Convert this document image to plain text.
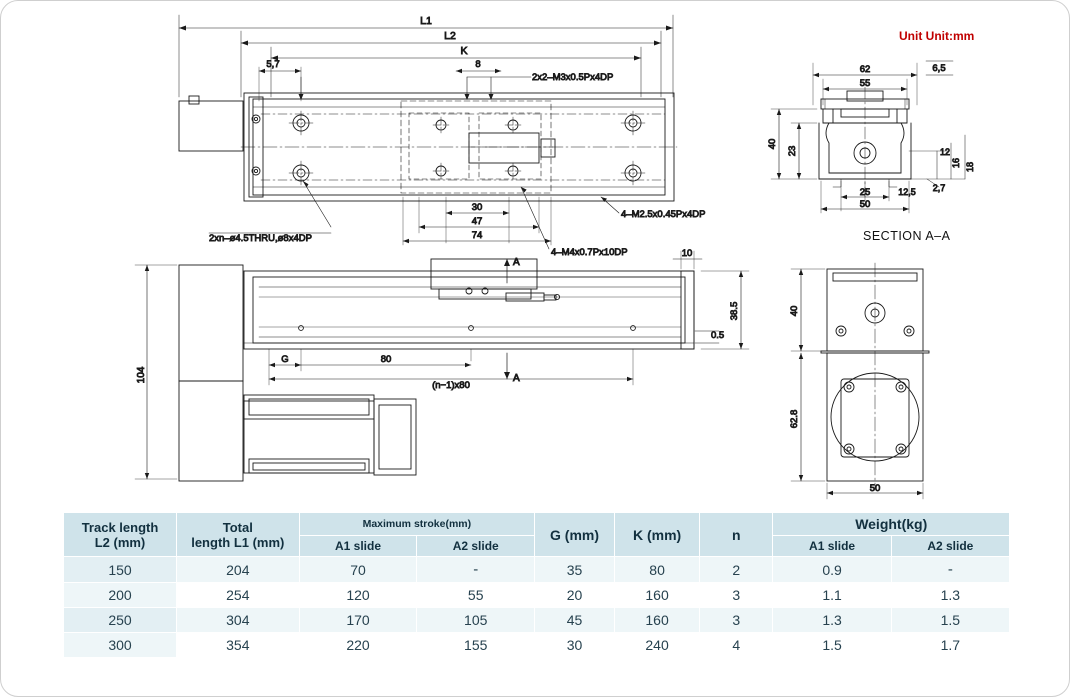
L1
L2
K
5,7	8
2x2–M3x0.5Px4DP
30
47
74
2xn–ø4.5THRU,ø8x4DP
4–M2.5x0.45Px4DP
4–M4x0.7Px10DP
A
A
104
10
38.5
0.5
G	80
(n−1)x80
62
55
6,5
40
23	12
16 18
25	12,5 2,7
50
40
62.8
50
Unit Unit:mm
SECTION A–A
Track length
L2 (mm)

Total
length L1 (mm)
	Maximum stroke(mm)	G (mm)	K (mm)	n	Weight(kg)
		A1 slide	A2 slide				A1 slide	A2 slide
150	204	70	-	35	80	2	0.9	-
200	254	120	55	20	160	3	1.1	1.3
250	304	170	105	45	160	3	1.3	1.5
300	354	220	155	30	240	4	1.5	1.7
